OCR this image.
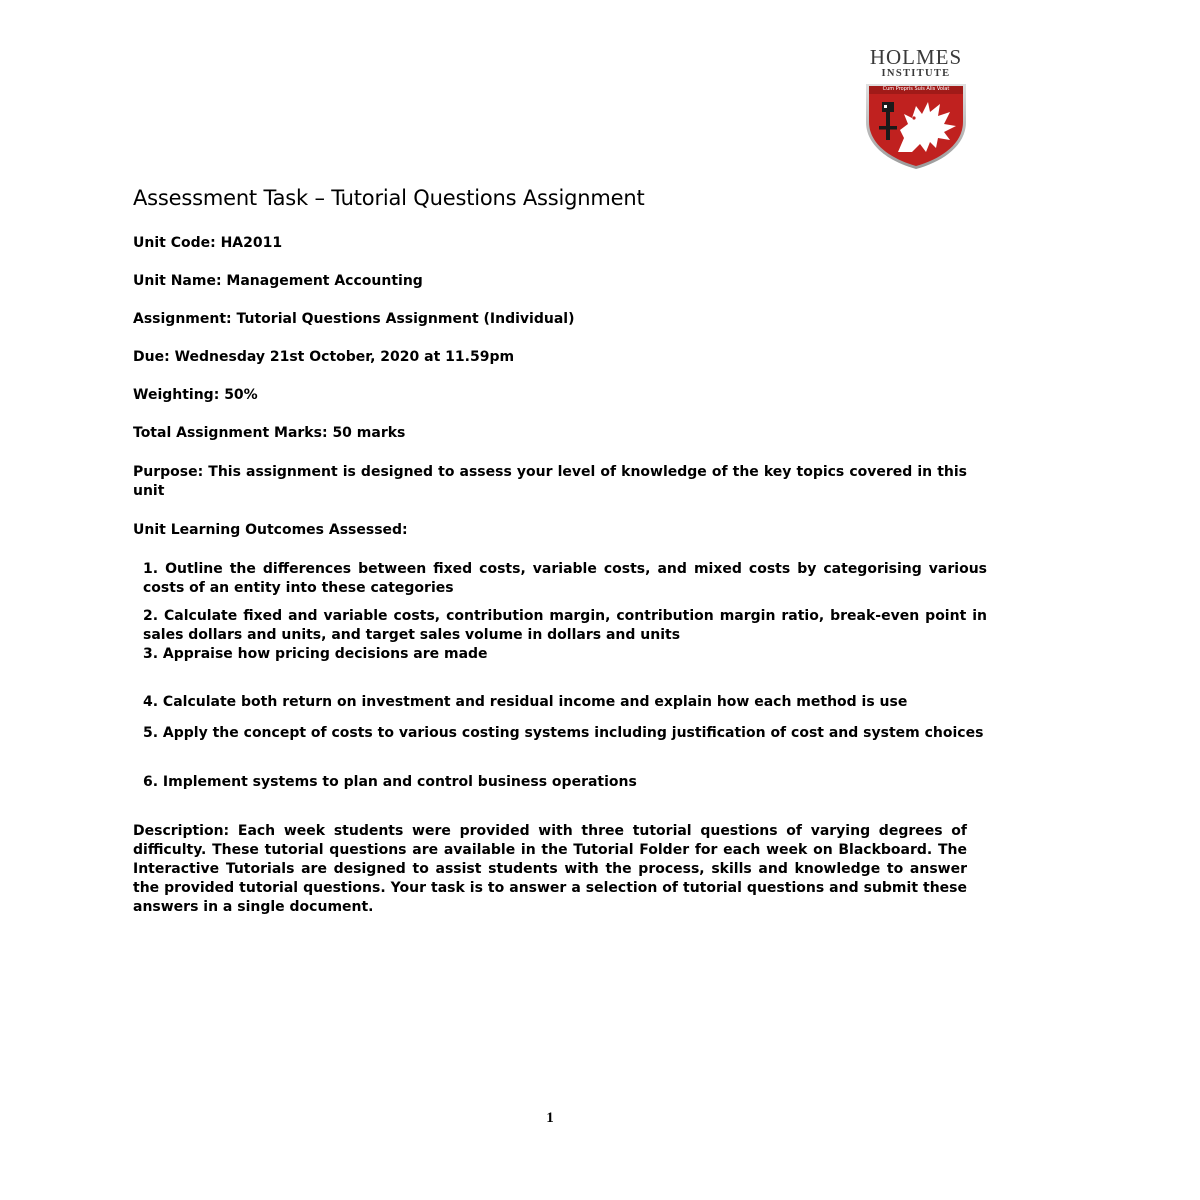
HOLMES
INSTITUTE
Cum Propris Suis Alis Volat
Assessment Task – Tutorial Questions Assignment

Unit Code: HA2011

Unit Name: Management Accounting

Assignment: Tutorial Questions Assignment (Individual)

Due: Wednesday 21st October, 2020 at 11.59pm

Weighting: 50%

Total Assignment Marks: 50 marks

Purpose: This assignment is designed to assess your level of knowledge of the key topics covered in this unit

Unit Learning Outcomes Assessed:

1. Outline the differences between fixed costs, variable costs, and mixed costs by categorising various costs of an entity into these categories

2. Calculate fixed and variable costs, contribution margin, contribution margin ratio, break-even point in sales dollars and units, and target sales volume in dollars and units

3. Appraise how pricing decisions are made

4. Calculate both return on investment and residual income and explain how each method is use

5. Apply the concept of costs to various costing systems including justification of cost and system choices

6. Implement systems to plan and control business operations

Description: Each week students were provided with three tutorial questions of varying degrees of difficulty. These tutorial questions are available in the Tutorial Folder for each week on Blackboard. The Interactive Tutorials are designed to assist students with the process, skills and knowledge to answer the provided tutorial questions. Your task is to answer a selection of tutorial questions and submit these answers in a single document.

1
